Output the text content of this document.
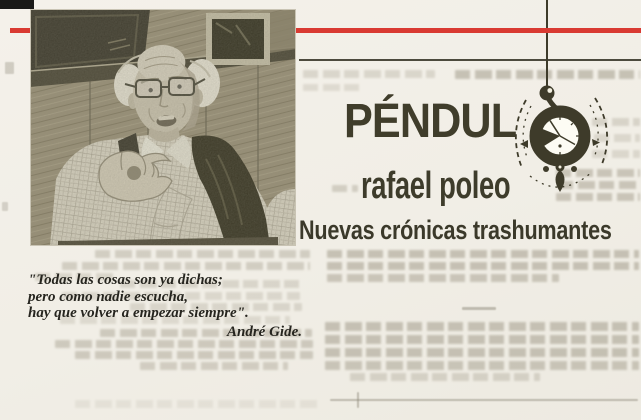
PÉNDUL
rafael poleo
Nuevas crónicas trashumantes
"Todas las cosas son ya dichas;
pero como nadie escucha,
hay que volver a empezar siempre".
André Gide.
